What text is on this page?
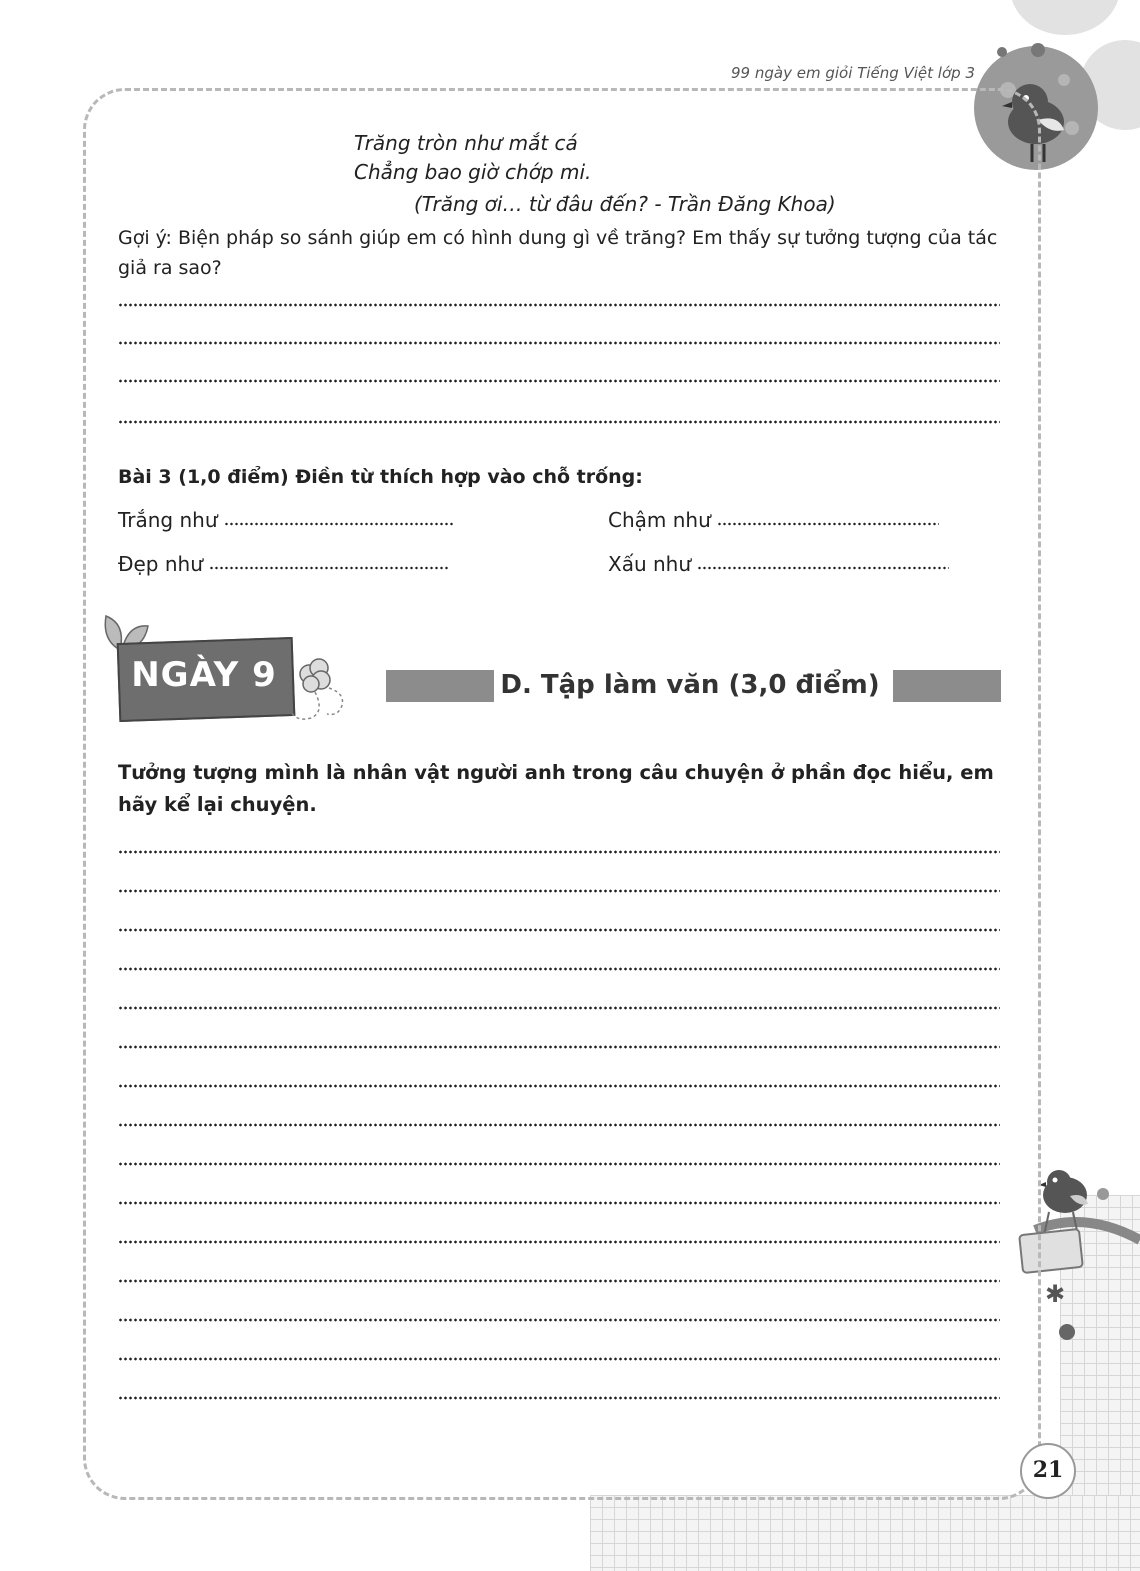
✱
99 ngày em giỏi Tiếng Việt lớp 3
Trăng tròn như mắt cá
Chẳng bao giờ chớp mi.
(Trăng ơi… từ đâu đến? - Trần Đăng Khoa)
Gợi ý: Biện pháp so sánh giúp em có hình dung gì về trăng? Em thấy sự tưởng tượng của tác giả ra sao?
Bài 3 (1,0 điểm) Điền từ thích hợp vào chỗ trống:
Trắng như	Chậm như
Đẹp như	Xấu như
NGÀY 9	D. Tập làm văn (3,0 điểm)
Tưởng tượng mình là nhân vật người anh trong câu chuyện ở phần đọc hiểu, em hãy kể lại chuyện.
21
